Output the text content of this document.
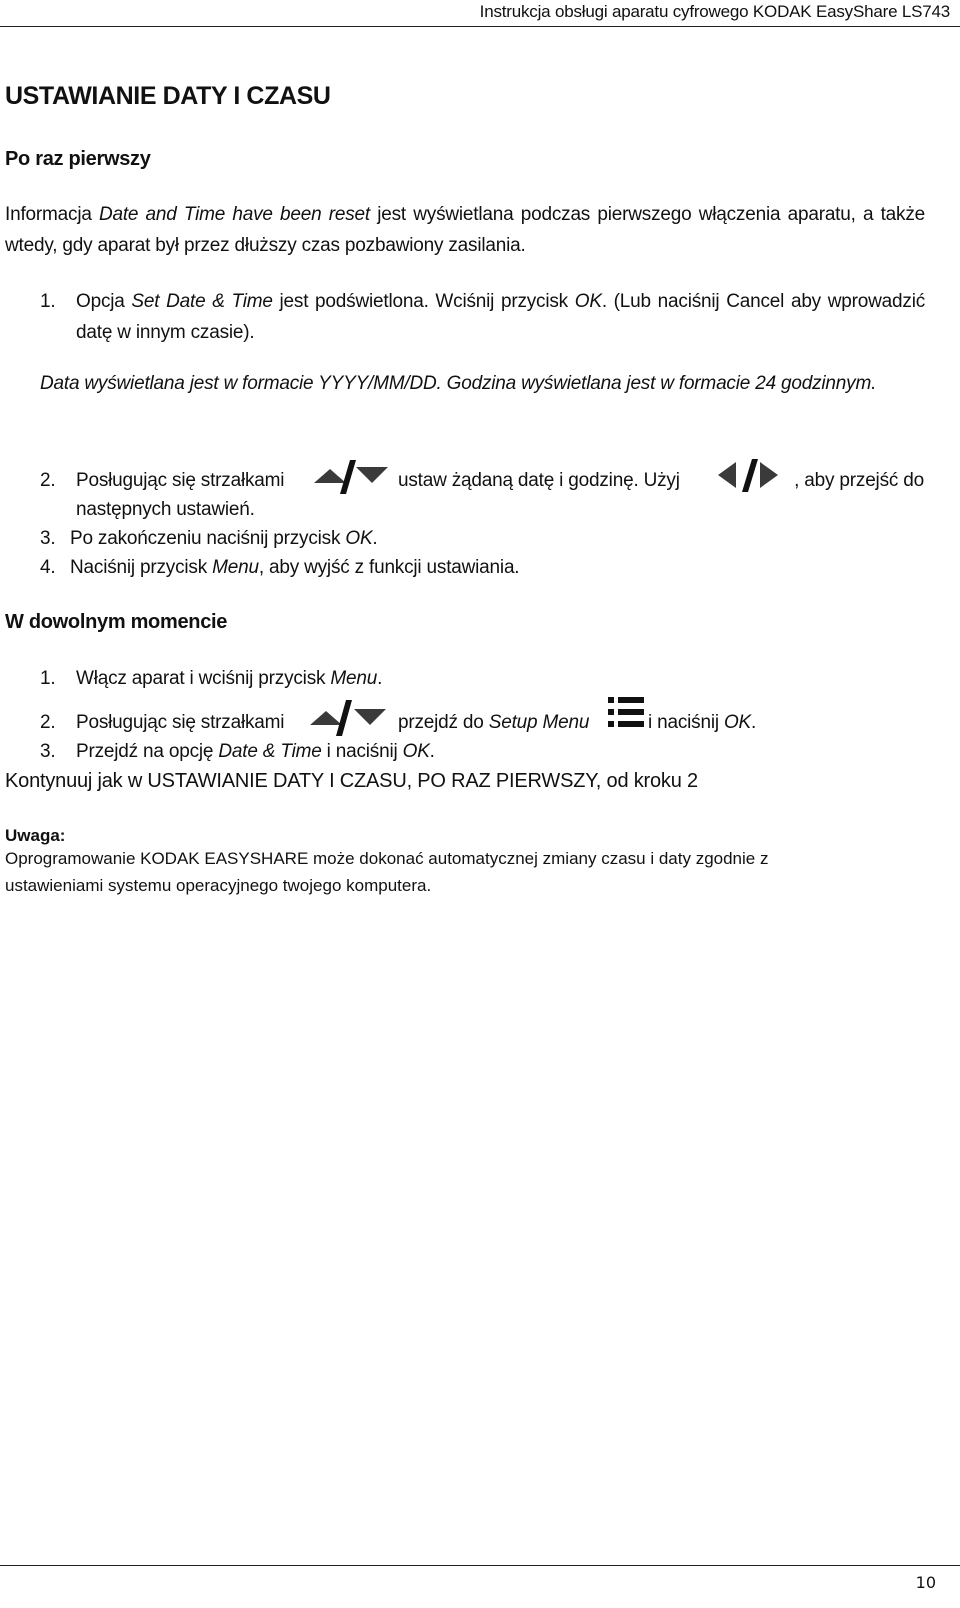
Instrukcja obsługi aparatu cyfrowego KODAK EasyShare LS743
USTAWIANIE DATY I CZASU
Po raz pierwszy
Informacja Date and Time have been reset jest wyświetlana podczas pierwszego włączenia aparatu, a także wtedy, gdy aparat był przez dłuższy czas pozbawiony zasilania.
1.	Opcja Set Date & Time jest podświetlona. Wciśnij przycisk OK. (Lub naciśnij Cancel aby wprowadzić datę w innym czasie).
Data wyświetlana jest w formacie YYYY/MM/DD. Godzina wyświetlana jest w formacie 24 godzinnym.
2. Posługując się strzałkami	ustaw żądaną datę i godzinę. Użyj	, aby przejść do
następnych ustawień.
3. Po zakończeniu naciśnij przycisk OK.
4. Naciśnij przycisk Menu, aby wyjść z funkcji ustawiania.
W dowolnym momencie
1. Włącz aparat i wciśnij przycisk Menu.
2. Posługując się strzałkami	przejdź do Setup Menu	i naciśnij OK.
3. Przejdź na opcję Date & Time i naciśnij OK.
Kontynuuj jak w USTAWIANIE DATY I CZASU, PO RAZ PIERWSZY, od kroku 2
Uwaga:
Oprogramowanie KODAK EASYSHARE może dokonać automatycznej zmiany czasu i daty zgodnie z ustawieniami systemu operacyjnego twojego komputera.
10
